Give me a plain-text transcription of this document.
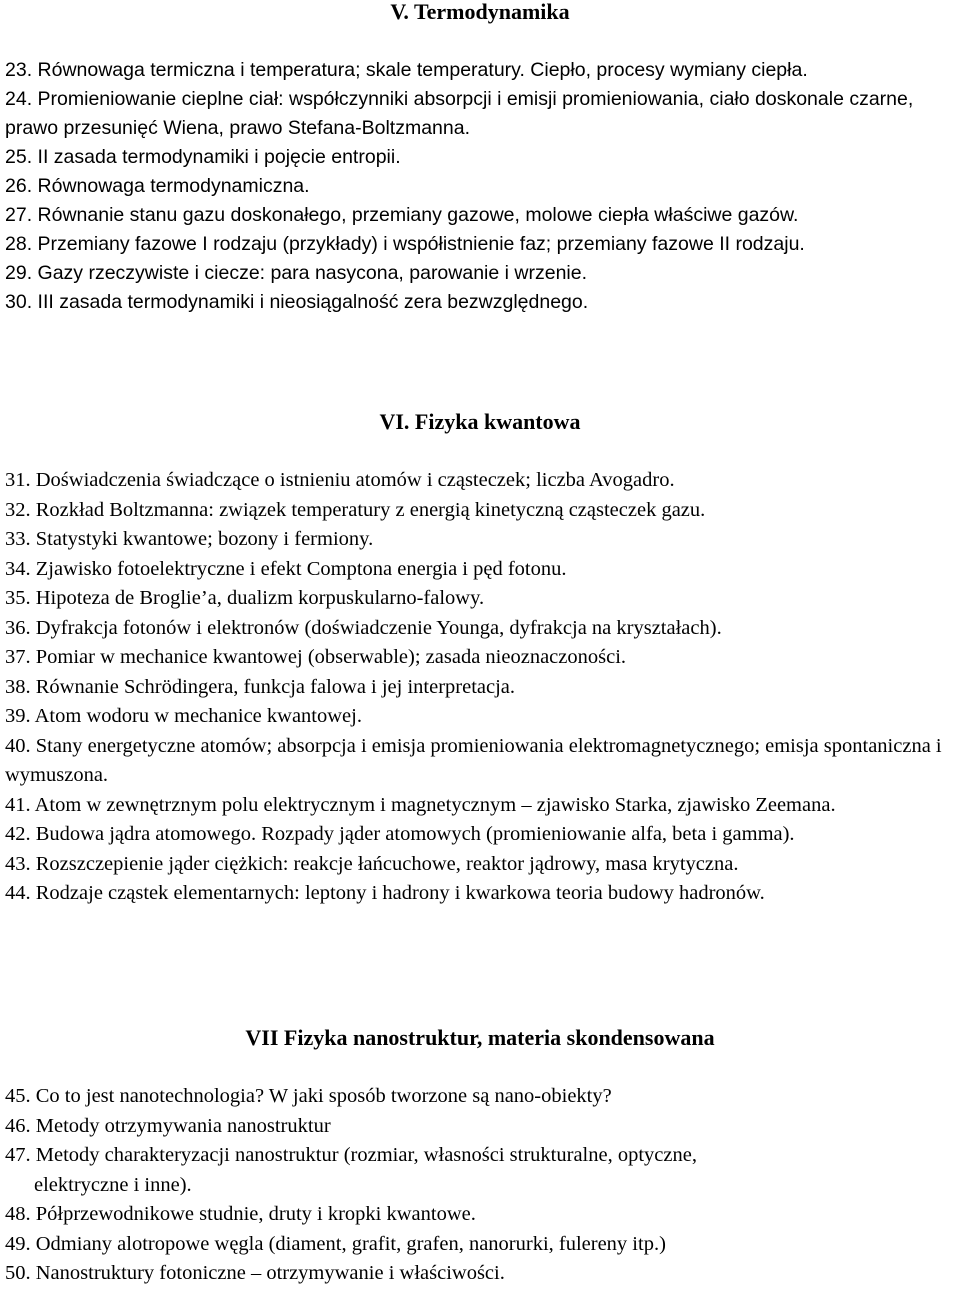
V. Termodynamika
23. Równowaga termiczna i temperatura; skale temperatury. Ciepło, procesy wymiany ciepła.
24. Promieniowanie cieplne ciał: współczynniki absorpcji i emisji promieniowania, ciało doskonale czarne, prawo przesunięć Wiena, prawo Stefana-Boltzmanna.
25. II zasada termodynamiki i pojęcie entropii.
26. Równowaga termodynamiczna.
27. Równanie stanu gazu doskonałego, przemiany gazowe, molowe ciepła właściwe gazów.
28. Przemiany fazowe I rodzaju (przykłady) i współistnienie faz; przemiany fazowe II rodzaju.
29. Gazy rzeczywiste i ciecze: para nasycona, parowanie i wrzenie.
30. III zasada termodynamiki i nieosiągalność zera bezwzględnego.
VI. Fizyka kwantowa
31. Doświadczenia świadczące o istnieniu atomów i cząsteczek; liczba Avogadro.
32. Rozkład Boltzmanna: związek temperatury z energią kinetyczną cząsteczek gazu.
33. Statystyki kwantowe; bozony i fermiony.
34. Zjawisko fotoelektryczne i efekt Comptona energia i pęd fotonu.
35. Hipoteza de Broglie’a, dualizm korpuskularno-falowy.
36. Dyfrakcja fotonów i elektronów (doświadczenie Younga, dyfrakcja na kryształach).
37. Pomiar w mechanice kwantowej (obserwable); zasada nieoznaczoności.
38. Równanie Schrödingera, funkcja falowa i jej interpretacja.
39. Atom wodoru w mechanice kwantowej.
40. Stany energetyczne atomów; absorpcja i emisja promieniowania elektromagnetycznego; emisja spontaniczna i wymuszona.
41. Atom w zewnętrznym polu elektrycznym i magnetycznym – zjawisko Starka, zjawisko Zeemana.
42. Budowa jądra atomowego. Rozpady jąder atomowych (promieniowanie alfa, beta i gamma).
43. Rozszczepienie jąder ciężkich: reakcje łańcuchowe, reaktor jądrowy, masa krytyczna.
44. Rodzaje cząstek elementarnych: leptony i hadrony i kwarkowa teoria budowy hadronów.
VII Fizyka nanostruktur, materia skondensowana
45. Co to jest nanotechnologia? W jaki sposób tworzone są nano-obiekty?
46. Metody otrzymywania nanostruktur
47. Metody charakteryzacji nanostruktur (rozmiar, własności strukturalne, optyczne,
elektryczne i inne).
48. Półprzewodnikowe studnie, druty i kropki kwantowe.
49. Odmiany alotropowe węgla (diament, grafit, grafen, nanorurki, fulereny itp.)
50. Nanostruktury fotoniczne – otrzymywanie i właściwości.
